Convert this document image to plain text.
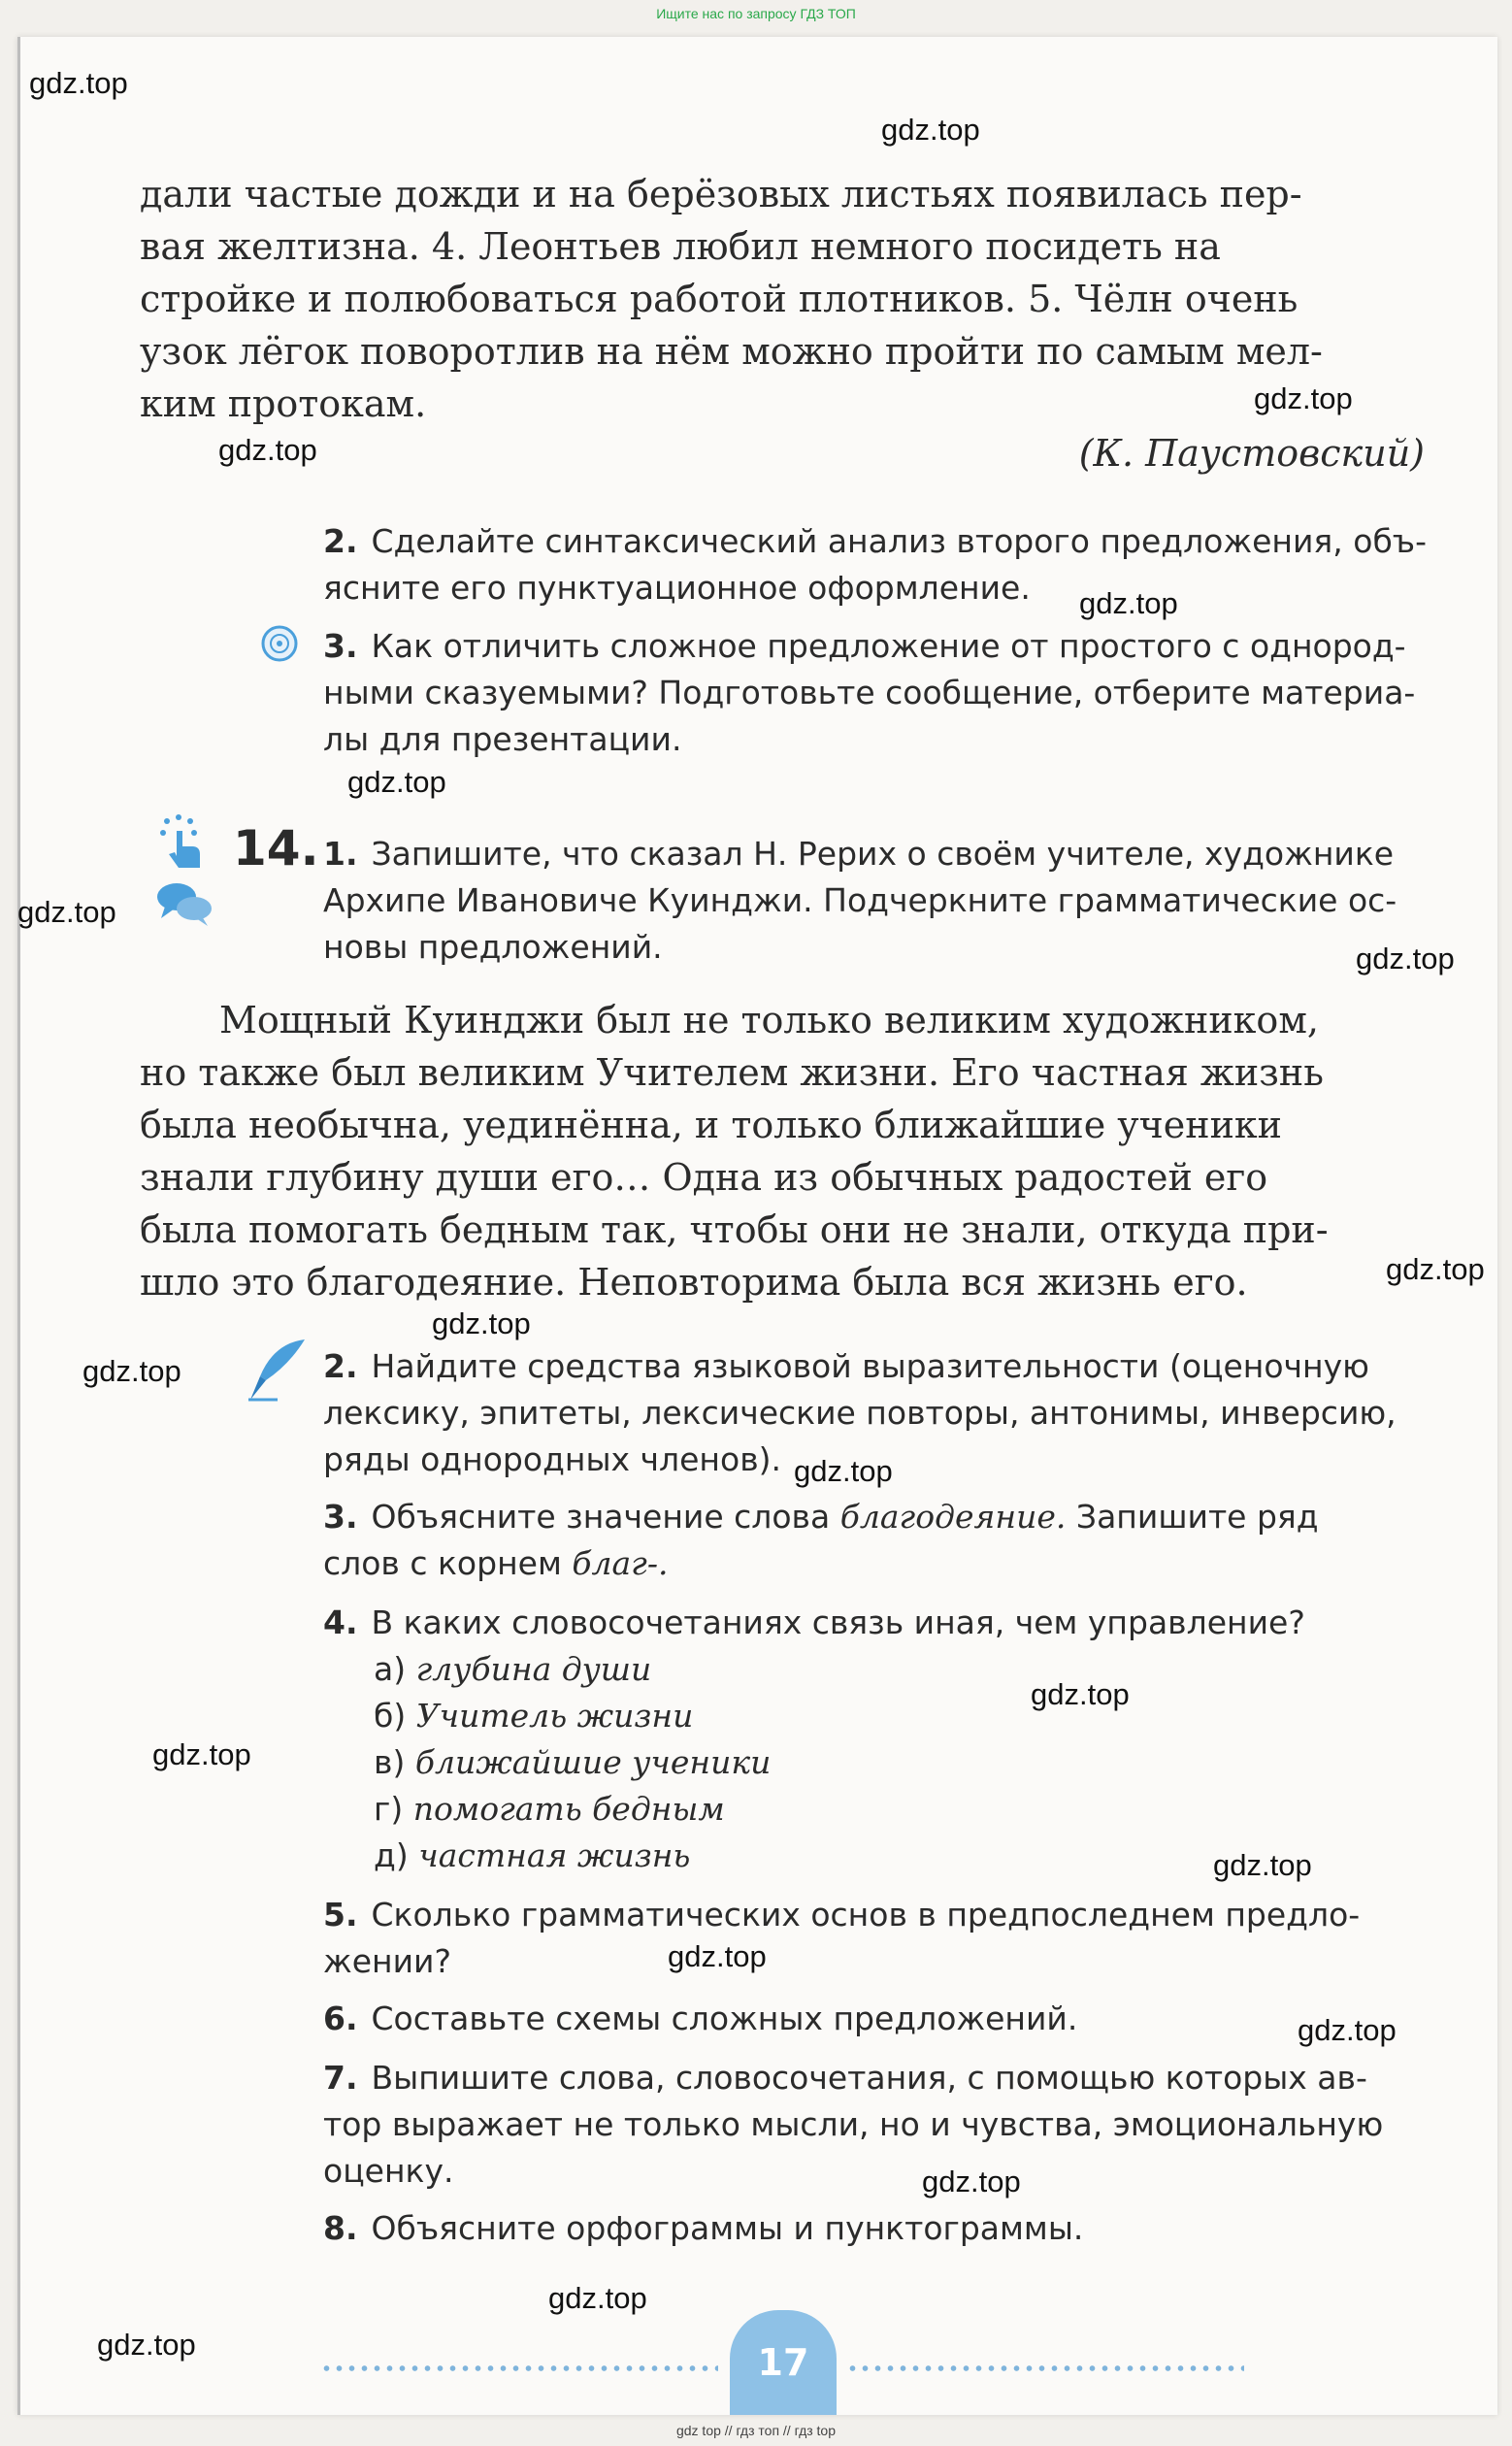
Ищите нас по запросу ГДЗ ТОП
дали частые дожди и на берёзовых листьях появилась пер-
вая желтизна. 4. Леонтьев любил немного посидеть на
стройке и полюбоваться работой плотников. 5. Чёлн очень
узок лёгок поворотлив на нём можно пройти по самым мел-
ким протокам.
(К. Паустовский)
2. Сделайте синтаксический анализ второго предложения, объ-
ясните его пунктуационное оформление.
3. Как отличить сложное предложение от простого с однород-
ными сказуемыми? Подготовьте сообщение, отберите материа-
лы для презентации.
14. 1. Запишите, что сказал Н. Рерих о своём учителе, художнике
Архипе Ивановиче Куинджи. Подчеркните грамматические ос-
новы предложений.
Мощный Куинджи был не только великим художником,
но также был великим Учителем жизни. Его частная жизнь
была необычна, уединённа, и только ближайшие ученики
знали глубину души его… Одна из обычных радостей его
была помогать бедным так, чтобы они не знали, откуда при-
шло это благодеяние. Неповторима была вся жизнь его.
2. Найдите средства языковой выразительности (оценочную
лексику, эпитеты, лексические повторы, антонимы, инверсию,
ряды однородных членов).
3. Объясните значение слова благодеяние. Запишите ряд
слов с корнем благ-.
4. В каких словосочетаниях связь иная, чем управление?
а) глубина души
б) Учитель жизни
в) ближайшие ученики
г) помогать бедным
д) частная жизнь
5. Сколько грамматических основ в предпоследнем предло-
жении?
6. Составьте схемы сложных предложений.
7. Выпишите слова, словосочетания, с помощью которых ав-
тор выражает не только мысли, но и чувства, эмоциональную
оценку.
8. Объясните орфограммы и пунктограммы.
17
gdz.top
gdz.top
gdz.top
gdz.top
gdz.top
gdz.top
gdz.top
gdz.top
gdz.top
gdz.top
gdz.top
gdz.top
gdz.top
gdz.top
gdz.top
gdz.top
gdz.top
gdz.top
gdz.top
gdz.top
gdz top // гдз топ // гдз top
